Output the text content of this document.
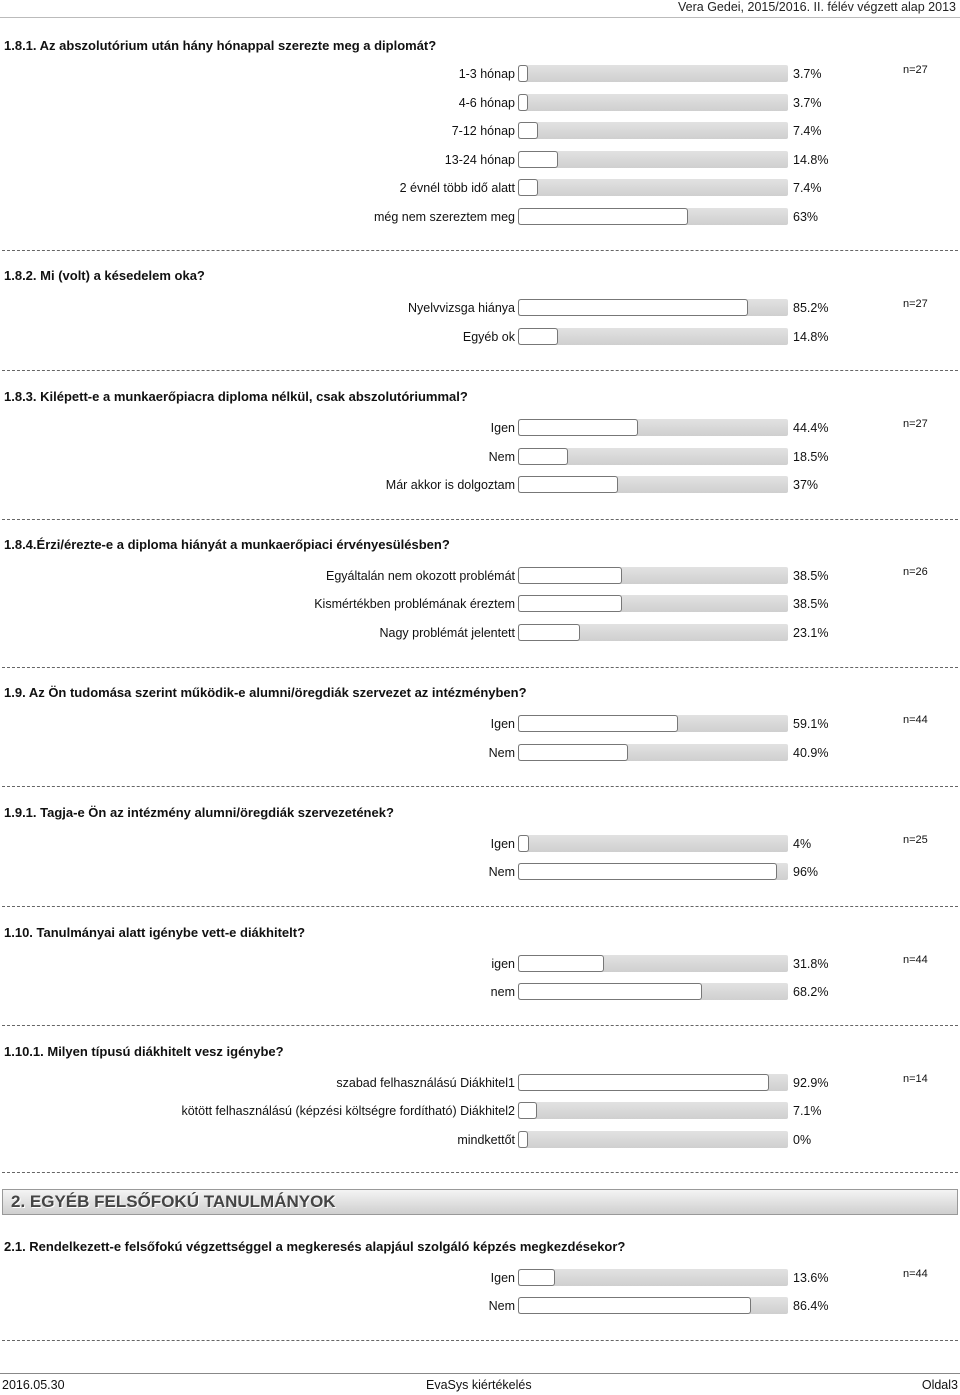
Vera Gedei, 2015/2016. II. félév végzett alap 2013
1.8.1. Az abszolutórium után hány hónappal szerezte meg a diplomát?
n=27
1-3 hónap	3.7%
4-6 hónap	3.7%
7-12 hónap	7.4%
13-24 hónap	14.8%
2 évnél több idő alatt	7.4%
még nem szereztem meg	63%
1.8.2. Mi (volt) a késedelem oka?
n=27
Nyelvvizsga hiánya	85.2%
Egyéb ok	14.8%
1.8.3. Kilépett-e a munkaerőpiacra diploma nélkül, csak abszolutóriummal?
n=27
Igen	44.4%
Nem	18.5%
Már akkor is dolgoztam	37%
1.8.4.Érzi/érezte-e a diploma hiányát a munkaerőpiaci érvényesülésben?
n=26
Egyáltalán nem okozott problémát	38.5%
Kismértékben problémának éreztem	38.5%
Nagy problémát jelentett	23.1%
1.9. Az Ön tudomása szerint működik-e alumni/öregdiák szervezet az intézményben?
n=44
Igen	59.1%
Nem	40.9%
1.9.1. Tagja-e Ön az intézmény alumni/öregdiák szervezetének?
n=25
Igen	4%
Nem	96%
1.10. Tanulmányai alatt igénybe vett-e diákhitelt?
n=44
igen	31.8%
nem	68.2%
1.10.1. Milyen típusú diákhitelt vesz igénybe?
n=14
szabad felhasználású Diákhitel1	92.9%
kötött felhasználású (képzési költségre fordítható) Diákhitel2	7.1%
mindkettőt	0%
2.1. Rendelkezett-e felsőfokú végzettséggel a megkeresés alapjául szolgáló képzés megkezdésekor?
n=44
Igen	13.6%
Nem	86.4%
2. EGYÉB FELSŐFOKÚ TANULMÁNYOK
2016.05.30	EvaSys kiértékelés	Oldal3
